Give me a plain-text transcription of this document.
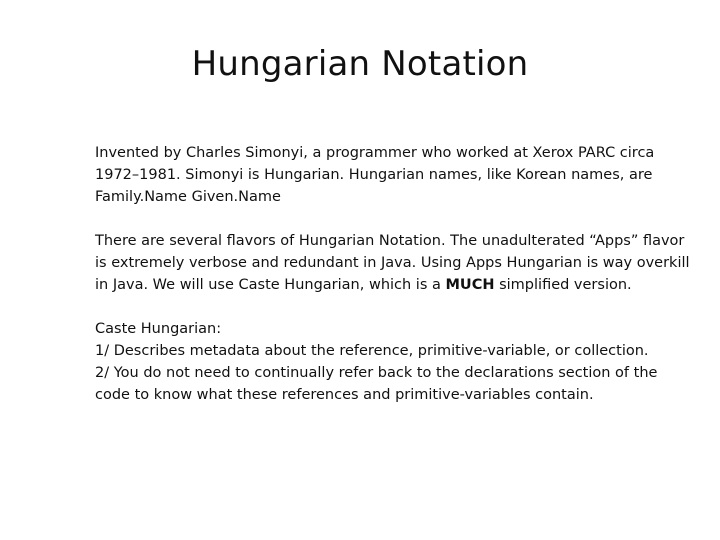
Hungarian Notation

Invented by Charles Simonyi, a programmer who worked at Xerox PARC circa
1972–1981. Simonyi is Hungarian. Hungarian names, like Korean names, are
Family.Name Given.Name

There are several flavors of Hungarian Notation. The unadulterated “Apps” flavor
is extremely verbose and redundant in Java. Using Apps Hungarian is way overkill
in Java. We will use Caste Hungarian, which is a MUCH simplified version.

Caste Hungarian:
1/ Describes metadata about the reference, primitive-variable, or collection.
2/ You do not need to continually refer back to the declarations section of the
code to know what these references and primitive-variables contain.
